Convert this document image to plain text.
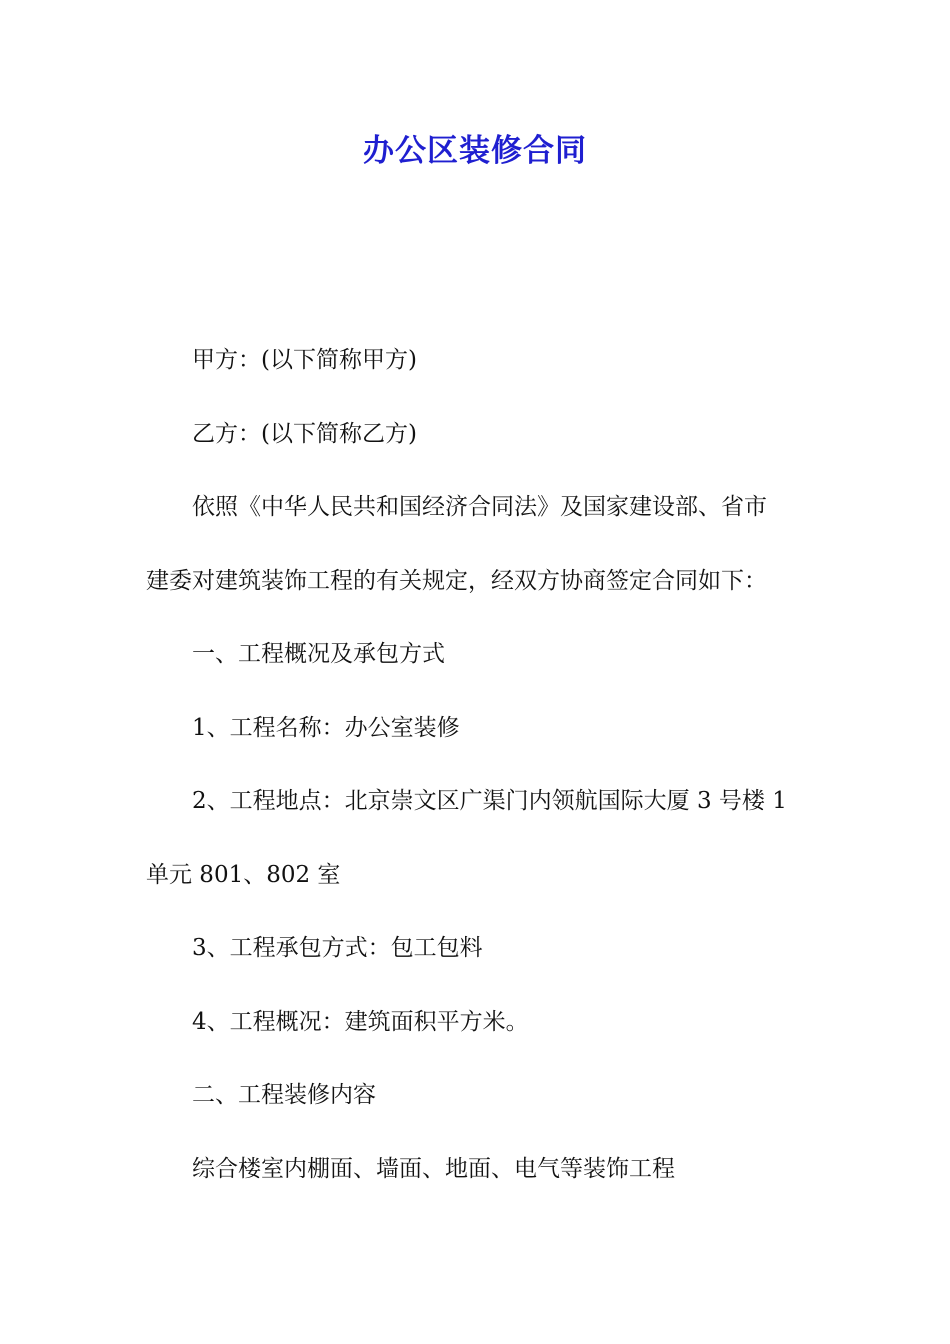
办公区装修合同

甲方：(以下简称甲方)

乙方：(以下简称乙方)

依照《中华人民共和国经济合同法》及国家建设部、省市

建委对建筑装饰工程的有关规定，经双方协商签定合同如下：

一、工程概况及承包方式

1、工程名称：办公室装修

2、工程地点：北京崇文区广渠门内领航国际大厦 3 号楼 1

单元 801、802 室

3、工程承包方式：包工包料

4、工程概况：建筑面积平方米。

二、工程装修内容

综合楼室内棚面、墙面、地面、电气等装饰工程
